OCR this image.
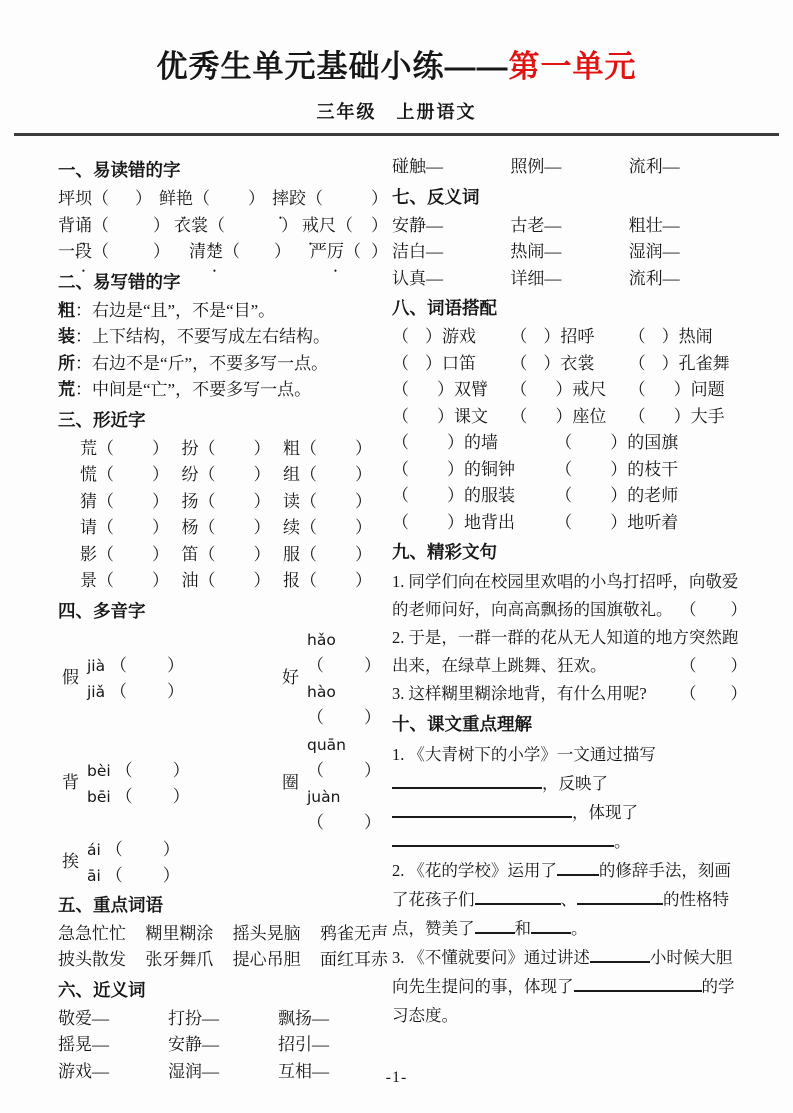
优秀生单元基础小练——第一单元
三年级　上册语文
一、易读错的字
坪坝（ ） 鲜艳（ ） 摔跤（	）
背诵（	） 衣裳（	） 戒尺（ ）
一段（	） 清楚（ ） 严厉（ ）
二、易写错的字
粗：右边是“且”，不是“目”。
装：上下结构，不要写成左右结构。
所：右边不是“斤”，不要多写一点。
荒：中间是“亡”，不要多写一点。
三、形近字
荒（ ） 扮（ ） 粗（ ）
慌（ ） 纷（ ） 组（ ）
猜（ ） 扬（ ） 读（ ）
请（ ） 杨（ ） 续（ ）
影（ ） 笛（ ） 服（ ）
景（ ） 油（ ） 报（ ）
四、多音字
假
jià （ ）
jiǎ （ ）
好
hǎo （ ）
hào （ ）
背
bèi （ ）
bēi （ ）
圈
quān （ ）
juàn （ ）
挨
ái （ ）
āi （ ）
五、重点词语
急急忙忙 糊里糊涂 摇头晃脑 鸦雀无声
披头散发 张牙舞爪 提心吊胆 面红耳赤
六、近义词
敬爱—	打扮—	飘扬—
摇晃—	安静—	招引—
游戏—	湿润—	互相—
碰触—	照例—	流利—
七、反义词
安静—	古老—	粗壮—
洁白—	热闹—	湿润—
认真—	详细—	流利—
八、词语搭配
（ ）游戏	（ ）招呼	（ ）热闹
（ ）口笛	（ ）衣裳	（ ）孔雀舞
（ ）双臂	（ ）戒尺	（ ）问题
（ ）课文	（ ）座位	（ ）大手
（ ）的墙	（ ）的国旗
（ ）的铜钟	（ ）的枝干
（ ）的服装	（ ）的老师
（ ）地背出	（ ）地听着
九、精彩文句
1. 同学们向在校园里欢唱的小鸟打招呼，向敬爱的老师问好，向高高飘扬的国旗敬礼。 （ ）
2. 于是，一群一群的花从无人知道的地方突然跑出来，在绿草上跳舞、狂欢。	（ ）
3. 这样糊里糊涂地背，有什么用呢? （ ）
十、课文重点理解
1. 《大青树下的小学》一文通过描写，反映了，体现了。
2. 《花的学校》运用了	的修辞手法，刻画了花孩子们	、	的性格特点，赞美了 和 。
3. 《不懂就要问》通过讲述	小时候大胆向先生提问的事，体现了	的学习态度。
-1-
